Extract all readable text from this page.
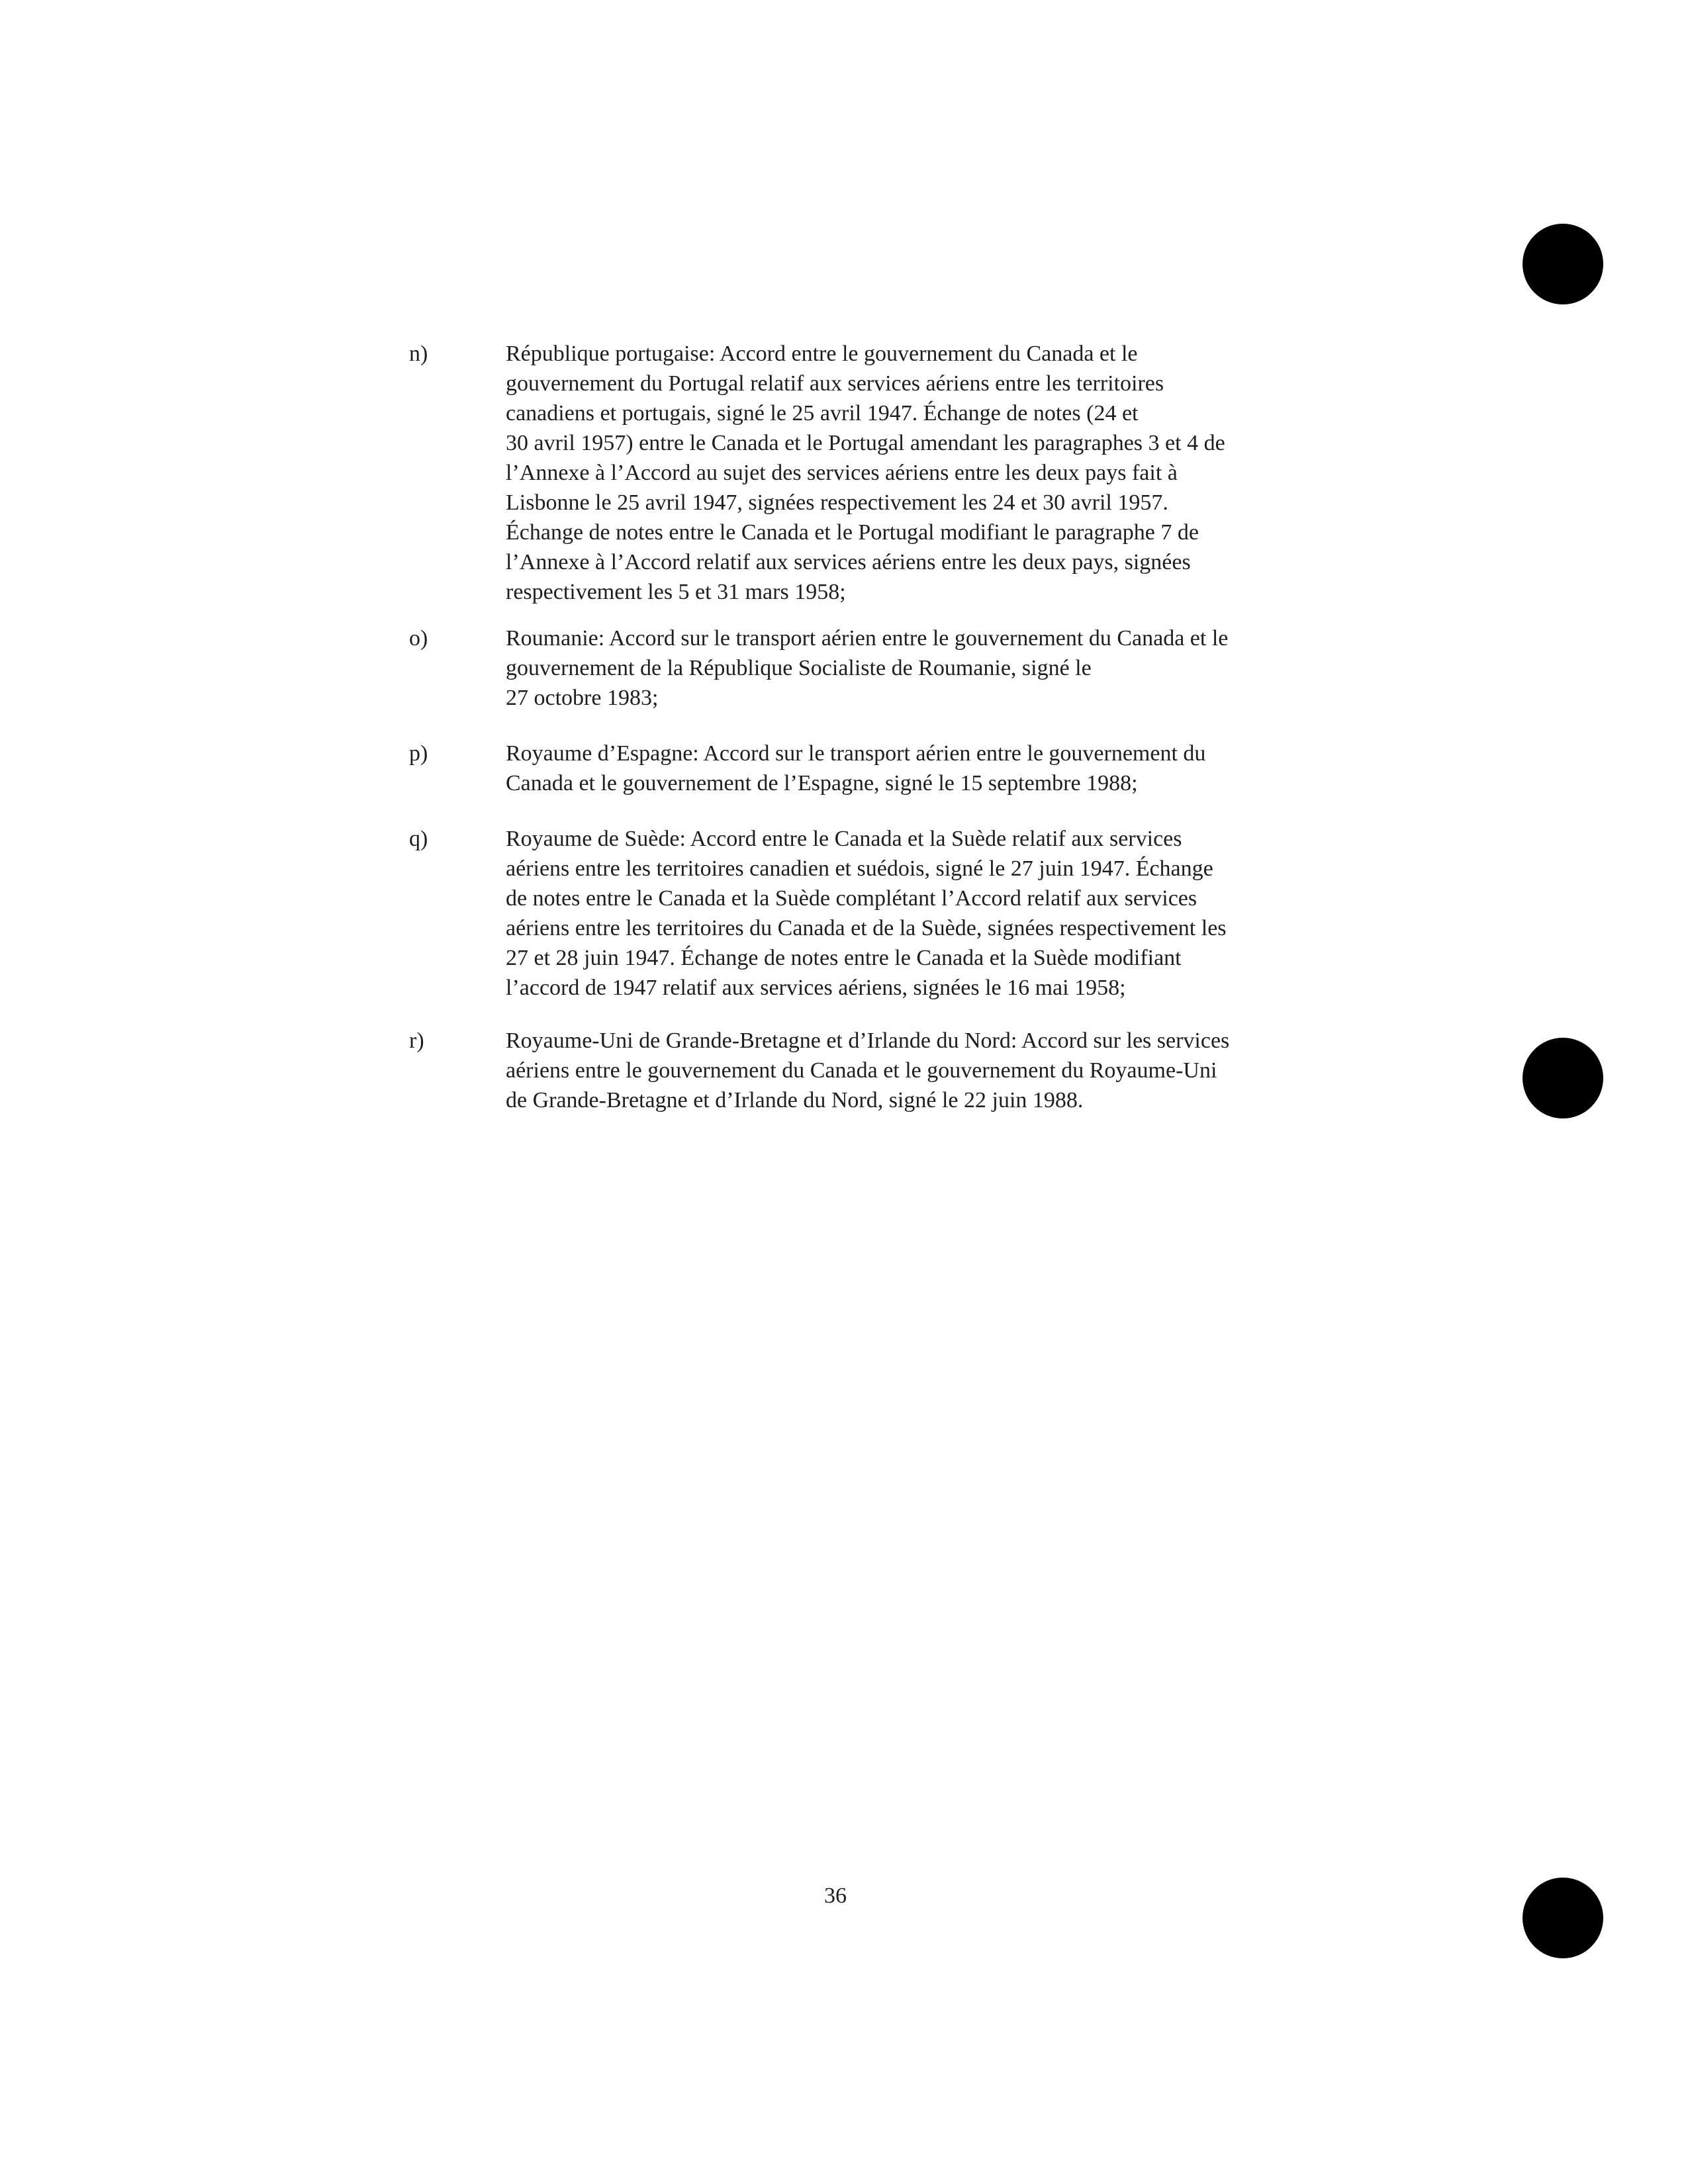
n)	République portugaise: Accord entre le gouvernement du Canada et le
gouvernement du Portugal relatif aux services aériens entre les territoires
canadiens et portugais, signé le 25 avril 1947. Échange de notes (24 et
30 avril 1957) entre le Canada et le Portugal amendant les paragraphes 3 et 4 de
l’Annexe à l’Accord au sujet des services aériens entre les deux pays fait à
Lisbonne le 25 avril 1947, signées respectivement les 24 et 30 avril 1957.
Échange de notes entre le Canada et le Portugal modifiant le paragraphe 7 de
l’Annexe à l’Accord relatif aux services aériens entre les deux pays, signées
respectivement les 5 et 31 mars 1958;
o)	Roumanie: Accord sur le transport aérien entre le gouvernement du Canada et le
gouvernement de la République Socialiste de Roumanie, signé le
27 octobre 1983;
p)	Royaume d’Espagne: Accord sur le transport aérien entre le gouvernement du
Canada et le gouvernement de l’Espagne, signé le 15 septembre 1988;
q)	Royaume de Suède: Accord entre le Canada et la Suède relatif aux services
aériens entre les territoires canadien et suédois, signé le 27 juin 1947. Échange
de notes entre le Canada et la Suède complétant l’Accord relatif aux services
aériens entre les territoires du Canada et de la Suède, signées respectivement les
27 et 28 juin 1947. Échange de notes entre le Canada et la Suède modifiant
l’accord de 1947 relatif aux services aériens, signées le 16 mai 1958;
r)	Royaume-Uni de Grande-Bretagne et d’Irlande du Nord: Accord sur les services
aériens entre le gouvernement du Canada et le gouvernement du Royaume-Uni
de Grande-Bretagne et d’Irlande du Nord, signé le 22 juin 1988.
36
